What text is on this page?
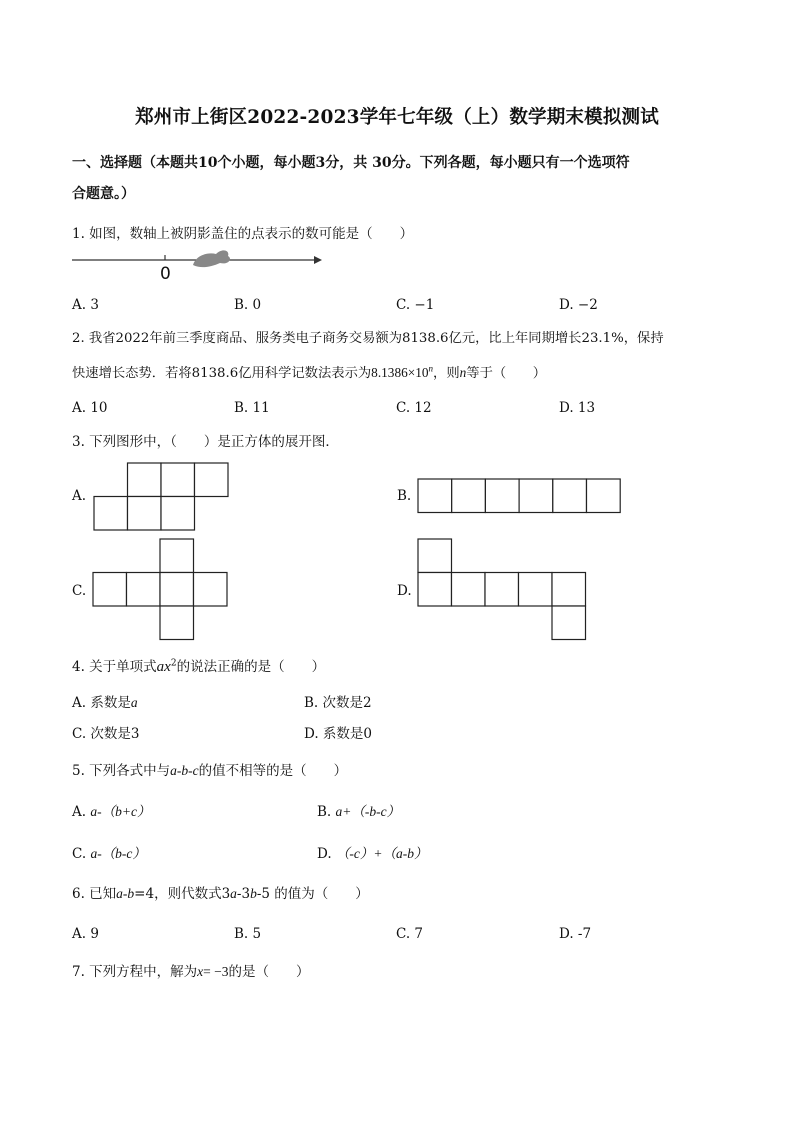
郑州市上街区2022-2023学年七年级（上）数学期末模拟测试
一、选择题（本题共10个小题，每小题3分，共 30分。下列各题，每小题只有一个选项符
合题意。）
1. 如图，数轴上被阴影盖住的点表示的数可能是（　　）
0
A. 3	B. 0	C. −1	D. −2
2. 我省2022年前三季度商品、服务类电子商务交易额为8138.6亿元，比上年同期增长23.1%，保持
快速增长态势．若将8138.6亿用科学记数法表示为$8.1386\times 10^n$，则n等于（　　）
A. 10	B. 11	C. 12	D. 13
3. 下列图形中，（　　）是正方体的展开图．
A.	B.
C.	D.
4. 关于单项式$ax^2$的说法正确的是（　　）
A. 系数是a	B. 次数是2
C. 次数是3	D. 系数是0
5. 下列各式中与a-b-c的值不相等的是（　　）
A. a-（b+c）	B. a+（-b-c）
C. a-（b-c）	D. （-c）+（a-b）
6. 已知a-b=4，则代数式3a-3b-5 的值为（　　）
A. 9	B. 5	C. 7	D. -7
7. 下列方程中，解为x= −3的是（　　）
